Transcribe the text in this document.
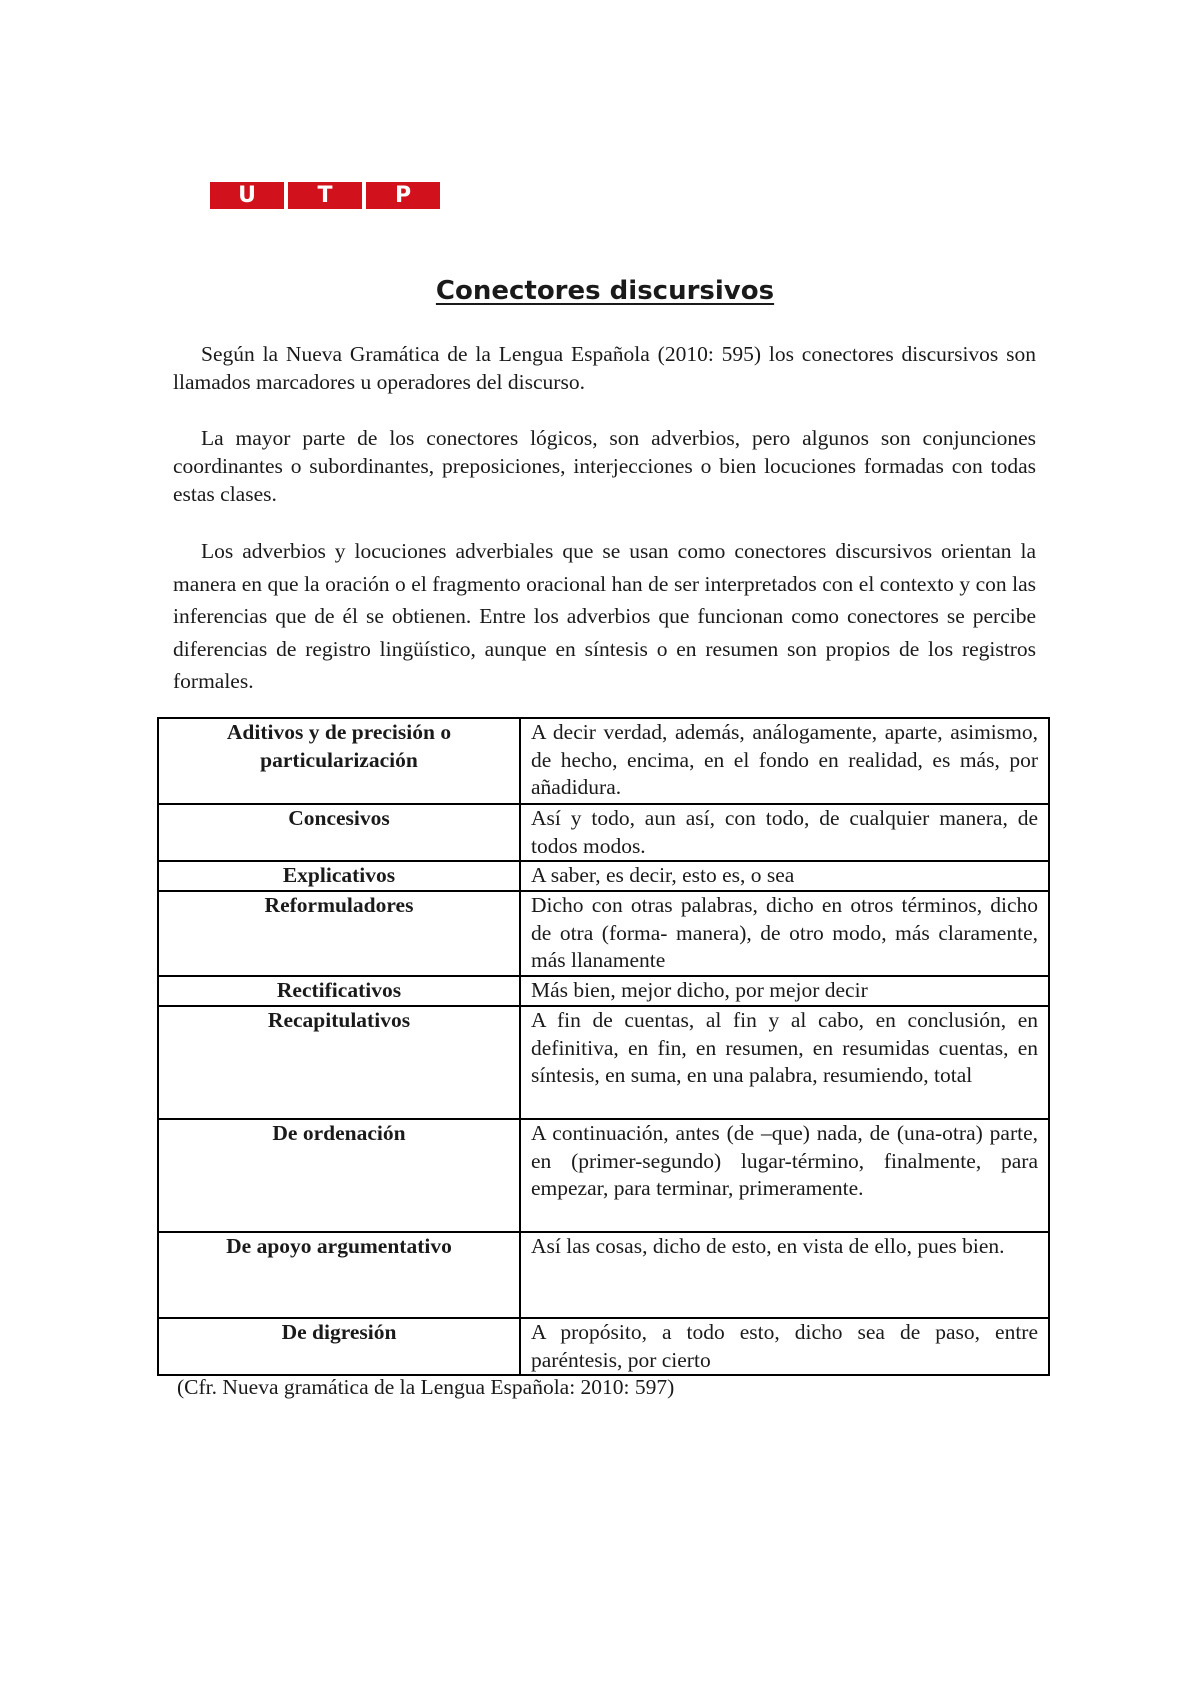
U	T	P
Conectores discursivos

Según la Nueva Gramática de la Lengua Española (2010: 595) los conectores discursivos son llamados marcadores u operadores del discurso.

La mayor parte de los conectores lógicos, son adverbios, pero algunos son conjunciones coordinantes o subordinantes, preposiciones, interjecciones o bien locuciones formadas con todas estas clases.

Los adverbios y locuciones adverbiales que se usan como conectores discursivos orientan la manera en que la oración o el fragmento oracional han de ser interpretados con el contexto y con las inferencias que de él se obtienen. Entre los adverbios que funcionan como conectores se percibe diferencias de registro lingüístico, aunque en síntesis o en resumen son propios de los registros formales.

Aditivos y de precisión o particularización	A decir verdad, además, análogamente, aparte, asimismo, de hecho, encima, en el fondo en realidad, es más, por añadidura.
Concesivos	Así y todo, aun así, con todo, de cualquier manera, de todos modos.
Explicativos	A saber, es decir, esto es, o sea
Reformuladores	Dicho con otras palabras, dicho en otros términos, dicho de otra (forma- manera), de otro modo, más claramente, más llanamente
Rectificativos	Más bien, mejor dicho, por mejor decir
Recapitulativos	A fin de cuentas, al fin y al cabo, en conclusión, en definitiva, en fin, en resumen, en resumidas cuentas, en síntesis, en suma, en una palabra, resumiendo, total
De ordenación	A continuación, antes (de –que) nada, de (una-otra) parte, en (primer-segundo) lugar-término, finalmente, para empezar, para terminar, primeramente.
De apoyo argumentativo	Así las cosas, dicho de esto, en vista de ello, pues bien.
De digresión	A propósito, a todo esto, dicho sea de paso, entre paréntesis, por cierto
(Cfr. Nueva gramática de la Lengua Española: 2010: 597)
